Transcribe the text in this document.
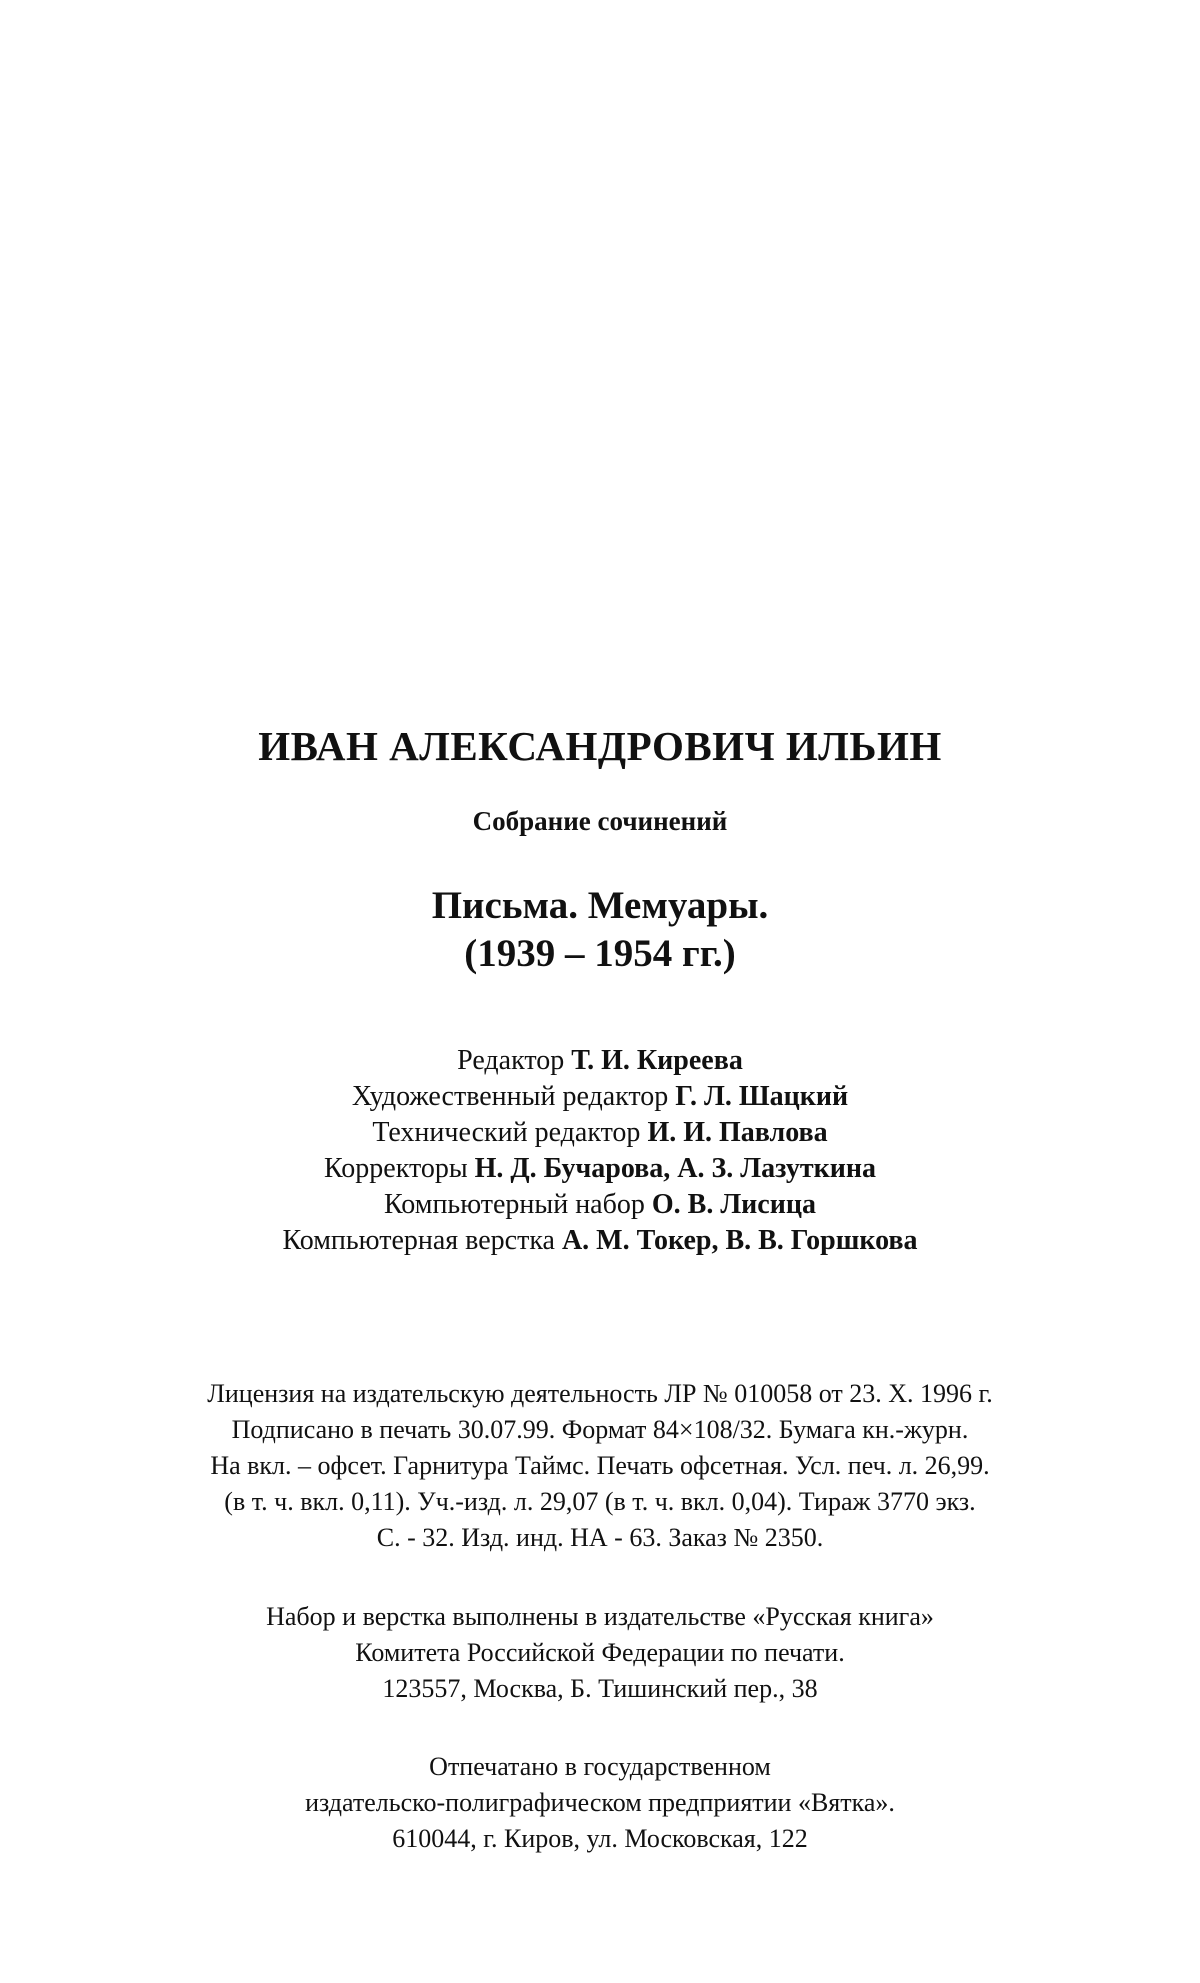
ИВАН АЛЕКСАНДРОВИЧ ИЛЬИН
Собрание сочинений
Письма. Мемуары.
(1939 – 1954 гг.)
Редактор Т. И. Киреева
Художественный редактор Г. Л. Шацкий
Технический редактор И. И. Павлова
Корректоры Н. Д. Бучарова, А. З. Лазуткина
Компьютерный набор О. В. Лисица
Компьютерная верстка А. М. Токер, В. В. Горшкова
Лицензия на издательскую деятельность ЛР № 010058 от 23. X. 1996 г.
Подписано в печать 30.07.99. Формат 84×108/32. Бумага кн.-журн.
На вкл. – офсет. Гарнитура Таймс. Печать офсетная. Усл. печ. л. 26,99.
(в т. ч. вкл. 0,11). Уч.-изд. л. 29,07 (в т. ч. вкл. 0,04). Тираж 3770 экз.
С. - 32. Изд. инд. НА - 63. Заказ № 2350.
Набор и верстка выполнены в издательстве «Русская книга»
Комитета Российской Федерации по печати.
123557, Москва, Б. Тишинский пер., 38
Отпечатано в государственном
издательско-полиграфическом предприятии «Вятка».
610044, г. Киров, ул. Московская, 122
